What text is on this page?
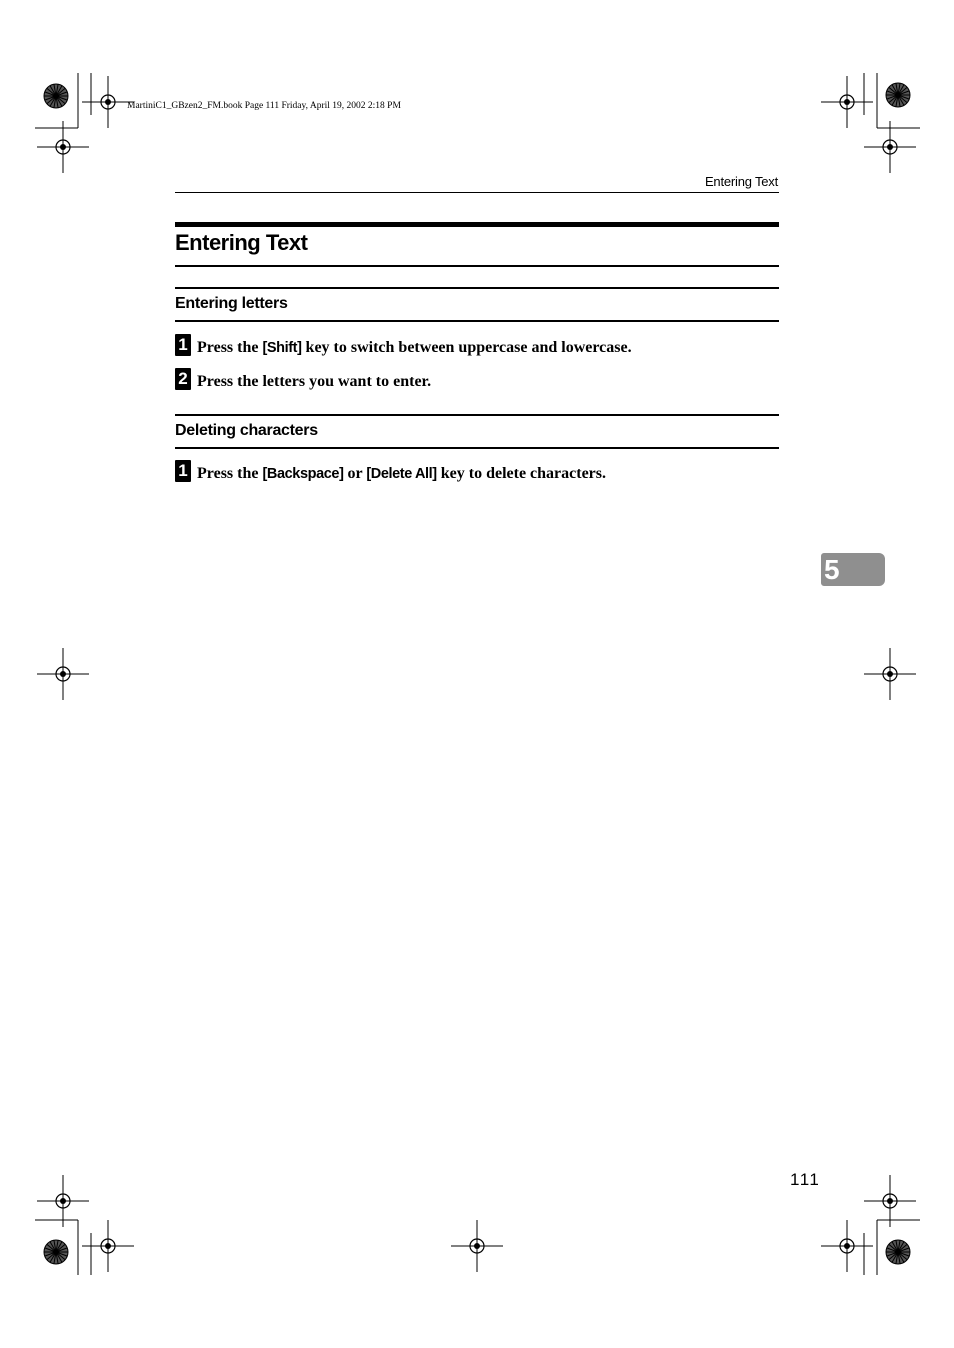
MartiniC1_GBzen2_FM.book Page 111 Friday, April 19, 2002 2:18 PM
Entering Text
Entering Text
Entering letters
1 Press the [Shift] key to switch between uppercase and lowercase.
2 Press the letters you want to enter.
Deleting characters
1 Press the [Backspace] or [Delete All] key to delete characters.
5
111
